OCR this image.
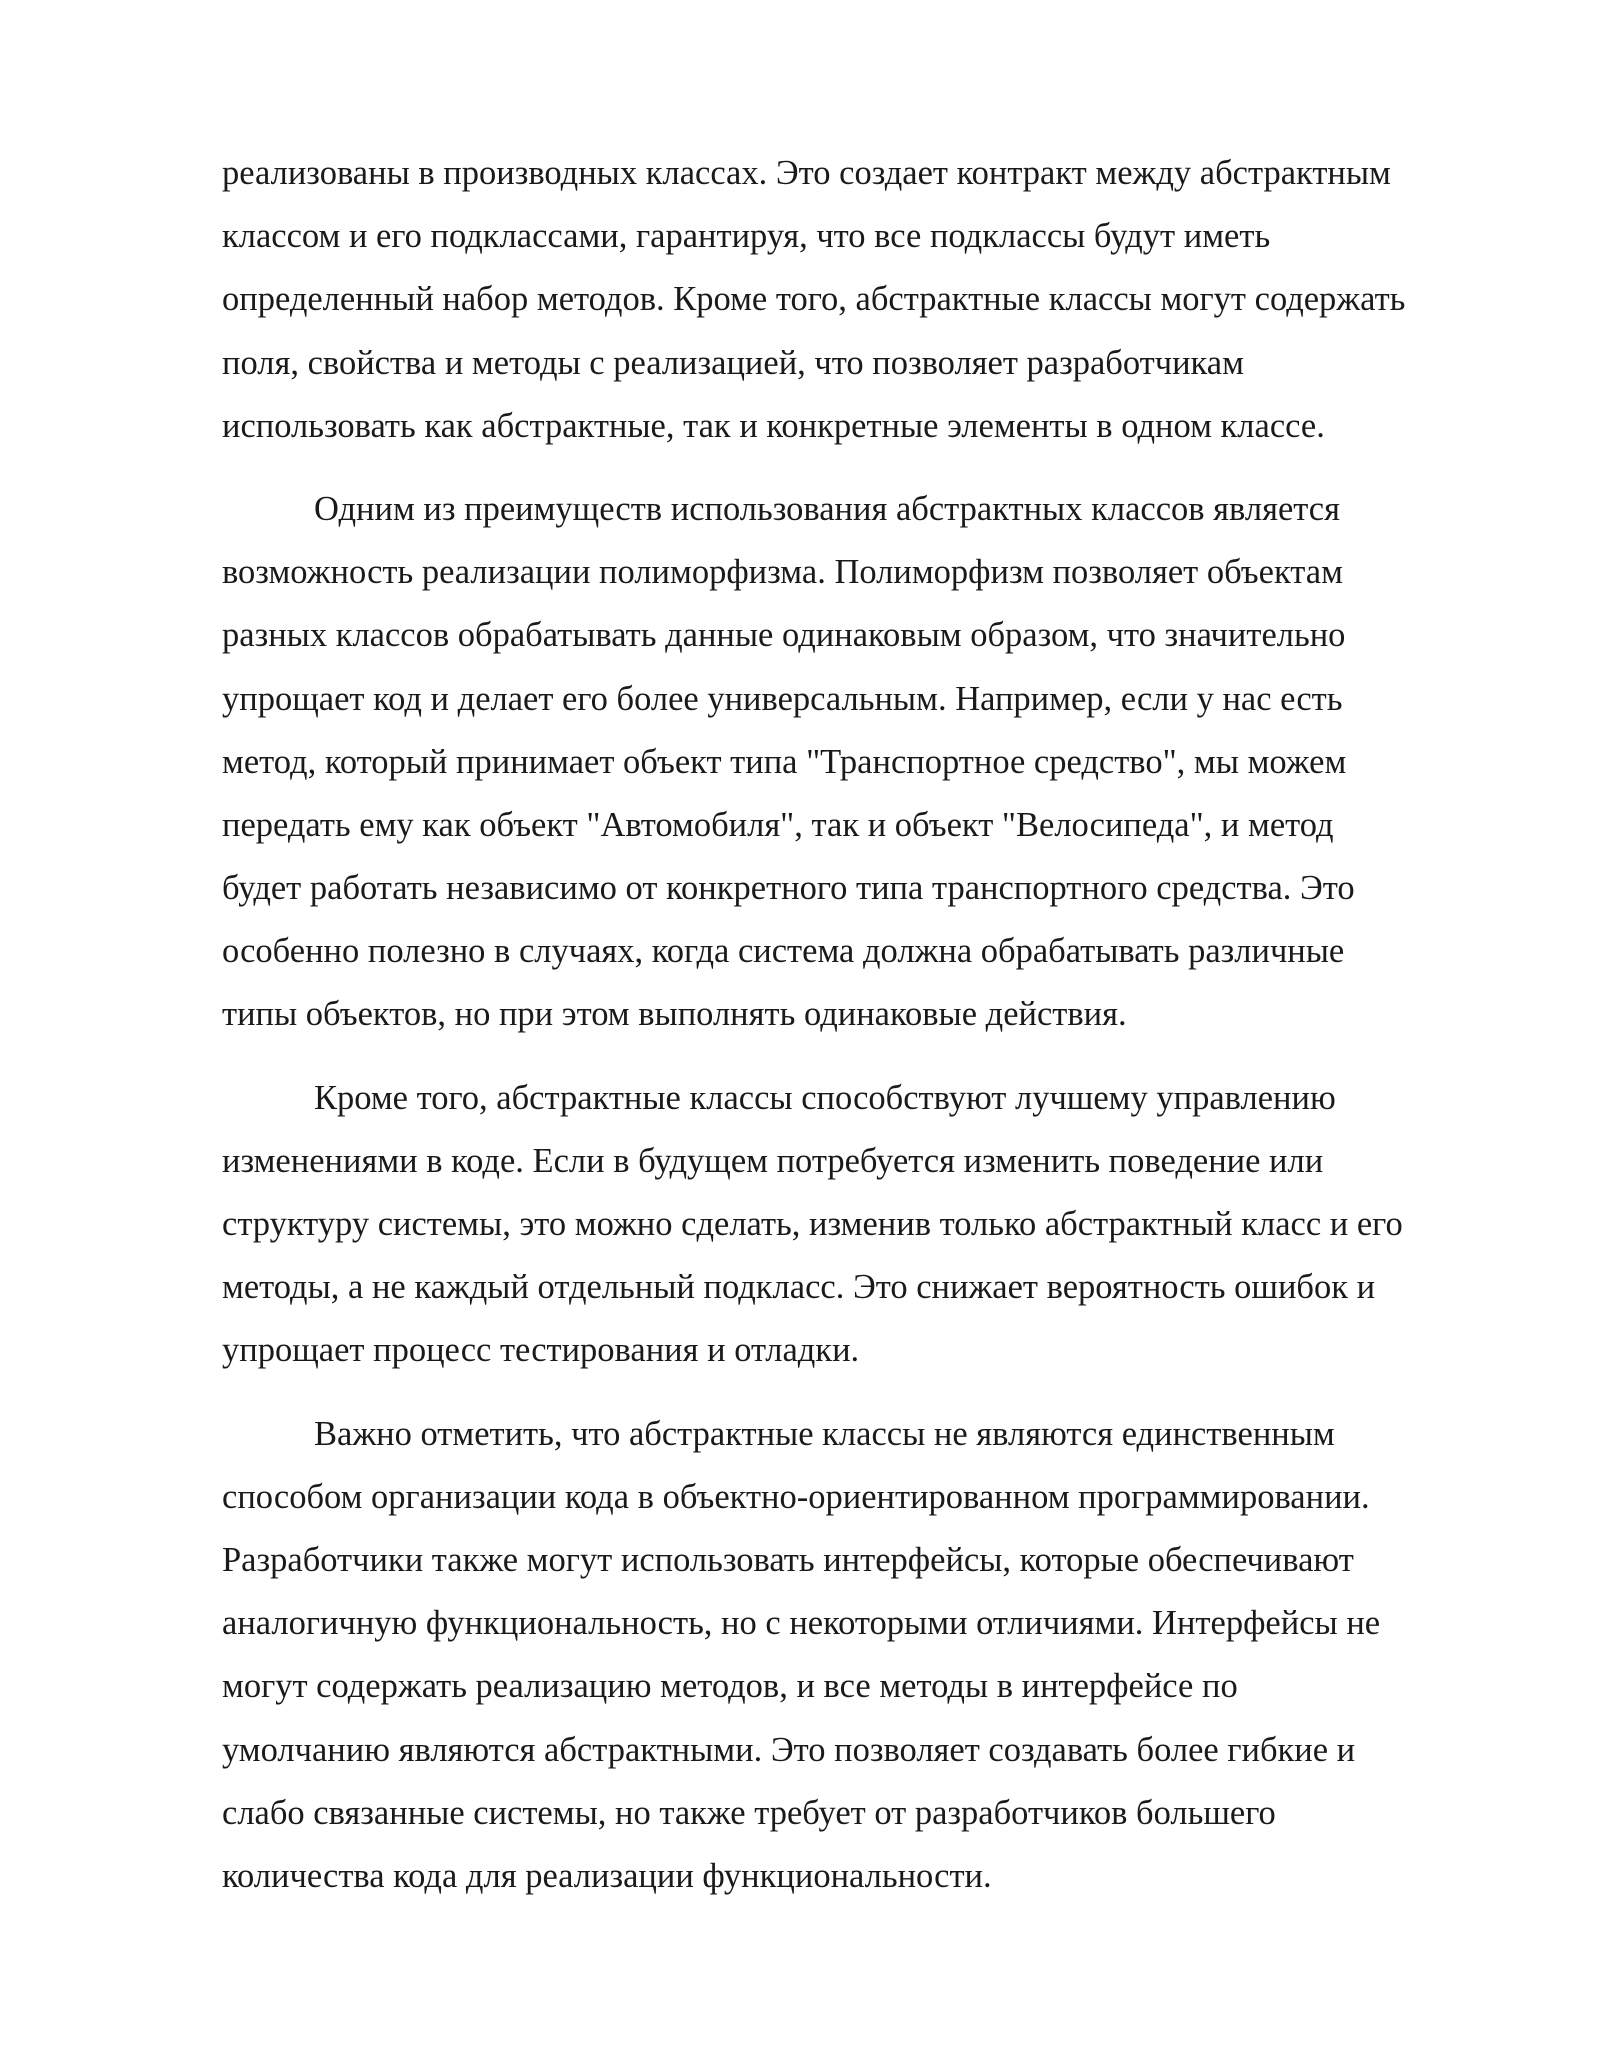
реализованы в производных классах. Это создает контракт между абстрактным
классом и его подклассами, гарантируя, что все подклассы будут иметь
определенный набор методов. Кроме того, абстрактные классы могут содержать
поля, свойства и методы с реализацией, что позволяет разработчикам
использовать как абстрактные, так и конкретные элементы в одном классе.
Одним из преимуществ использования абстрактных классов является
возможность реализации полиморфизма. Полиморфизм позволяет объектам
разных классов обрабатывать данные одинаковым образом, что значительно
упрощает код и делает его более универсальным. Например, если у нас есть
метод, который принимает объект типа "Транспортное средство", мы можем
передать ему как объект "Автомобиля", так и объект "Велосипеда", и метод
будет работать независимо от конкретного типа транспортного средства. Это
особенно полезно в случаях, когда система должна обрабатывать различные
типы объектов, но при этом выполнять одинаковые действия.
Кроме того, абстрактные классы способствуют лучшему управлению
изменениями в коде. Если в будущем потребуется изменить поведение или
структуру системы, это можно сделать, изменив только абстрактный класс и его
методы, а не каждый отдельный подкласс. Это снижает вероятность ошибок и
упрощает процесс тестирования и отладки.
Важно отметить, что абстрактные классы не являются единственным
способом организации кода в объектно-ориентированном программировании.
Разработчики также могут использовать интерфейсы, которые обеспечивают
аналогичную функциональность, но с некоторыми отличиями. Интерфейсы не
могут содержать реализацию методов, и все методы в интерфейсе по
умолчанию являются абстрактными. Это позволяет создавать более гибкие и
слабо связанные системы, но также требует от разработчиков большего
количества кода для реализации функциональности.
